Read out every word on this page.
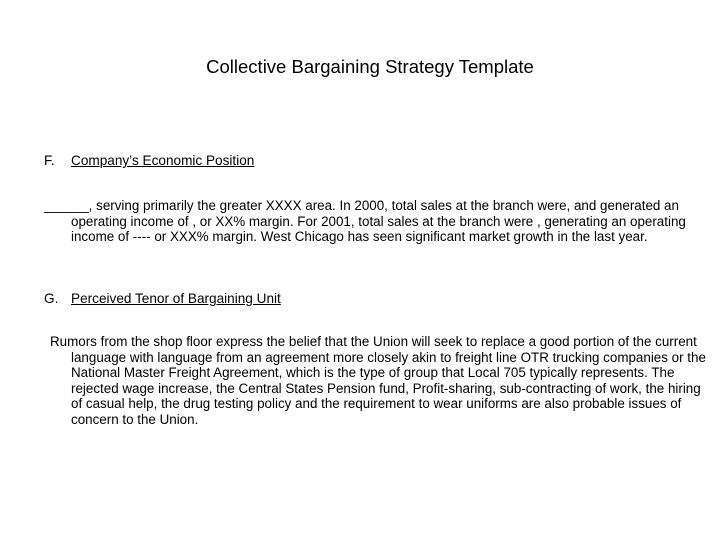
Collective Bargaining Strategy Template
F. Company’s Economic Position
______, serving primarily the greater XXXX area. In 2000, total sales at the branch were, and generated an operating income of , or XX% margin. For 2001, total sales at the branch were , generating an operating income of ---- or XXX% margin. West Chicago has seen significant market growth in the last year.
G. Perceived Tenor of Bargaining Unit
Rumors from the shop floor express the belief that the Union will seek to replace a good portion of the current language with language from an agreement more closely akin to freight line OTR trucking companies or the National Master Freight Agreement, which is the type of group that Local 705 typically represents. The rejected wage increase, the Central States Pension fund, Profit-sharing, sub-contracting of work, the hiring of casual help, the drug testing policy and the requirement to wear uniforms are also probable issues of concern to the Union.
